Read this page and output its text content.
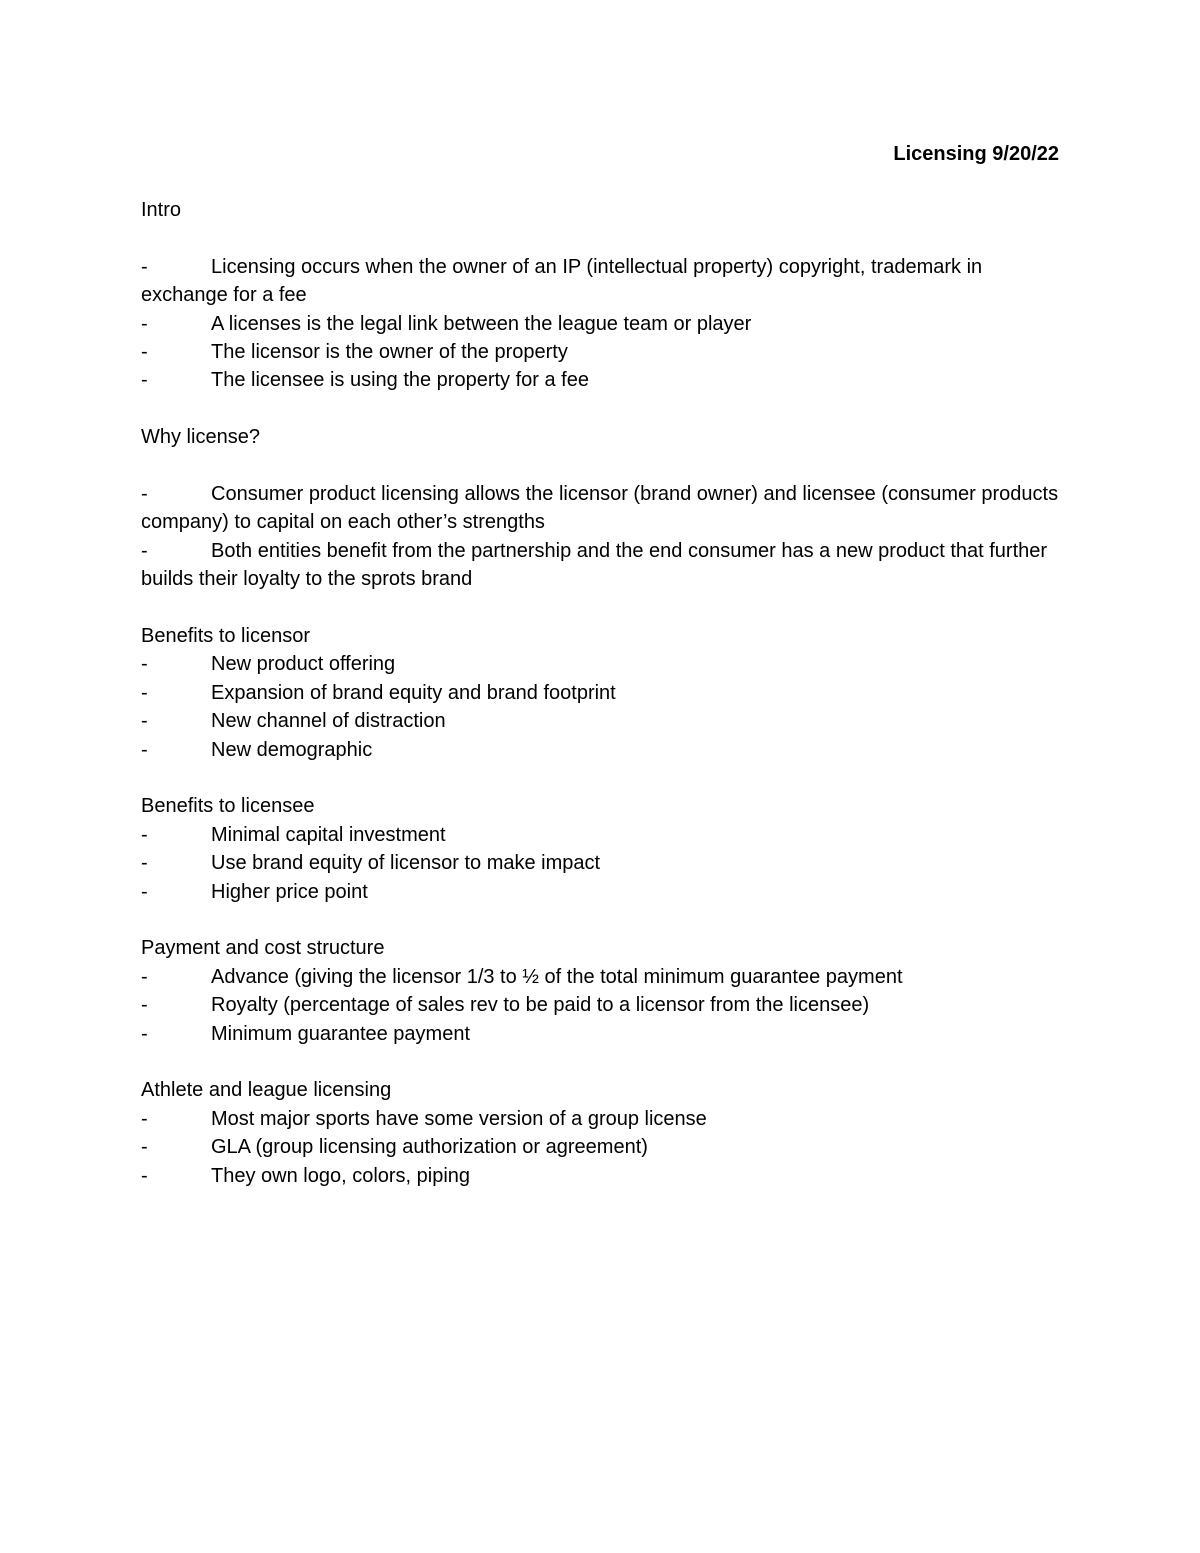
Licensing 9/20/22

Intro

-	Licensing occurs when the owner of an IP (intellectual property) copyright, trademark in exchange for a fee

-	A licenses is the legal link between the league team or player

-	The licensor is the owner of the property

-	The licensee is using the property for a fee

Why license?

-	Consumer product licensing allows the licensor (brand owner) and licensee (consumer products company) to capital on each other’s strengths

-	Both entities benefit from the partnership and the end consumer has a new product that further builds their loyalty to the sprots brand

Benefits to licensor

-	New product offering

-	Expansion of brand equity and brand footprint

-	New channel of distraction

-	New demographic

Benefits to licensee

-	Minimal capital investment

-	Use brand equity of licensor to make impact

-	Higher price point

Payment and cost structure

-	Advance (giving the licensor 1/3 to ½ of the total minimum guarantee payment

-	Royalty (percentage of sales rev to be paid to a licensor from the licensee)

-	Minimum guarantee payment

Athlete and league licensing

-	Most major sports have some version of a group license

-	GLA (group licensing authorization or agreement)

-	They own logo, colors, piping
